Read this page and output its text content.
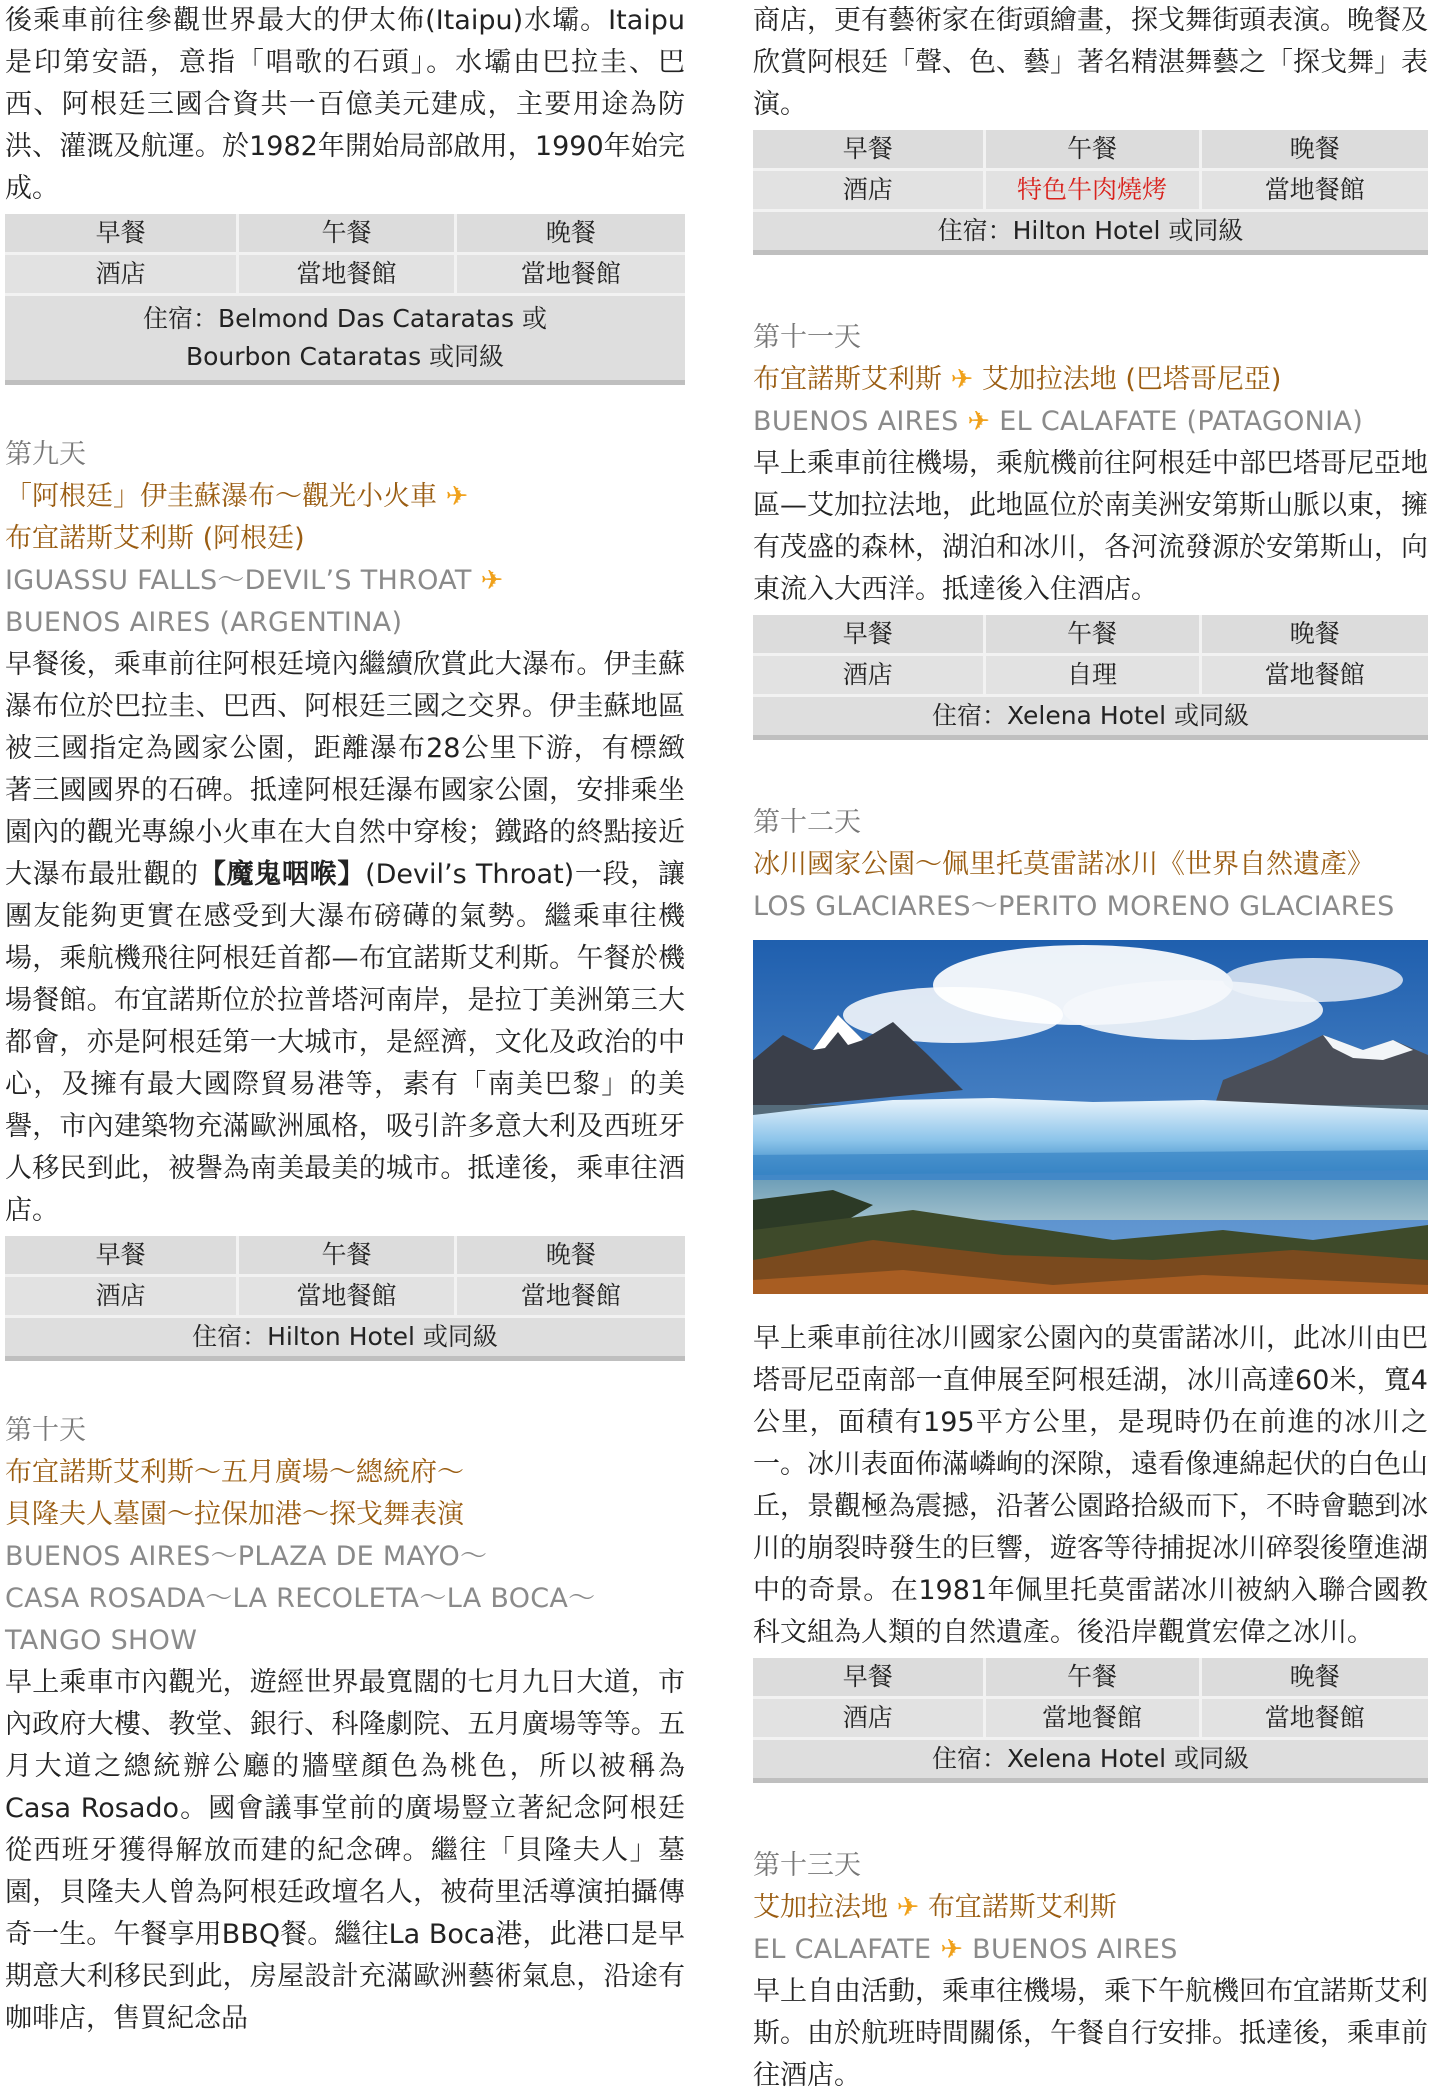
後乘車前往參觀世界最大的伊太佈(Itaipu)水壩。Itaipu是印第安語，意指「唱歌的石頭」。水壩由巴拉圭、巴西、阿根廷三國合資共一百億美元建成，主要用途為防洪、灌溉及航運。於1982年開始局部啟用，1990年始完成。

早餐	午餐	晚餐
酒店	當地餐館	當地餐館

住宿：Belmond Das Cataratas 或
Bourbon Cataratas 或同級		
第九天
「阿根廷」伊圭蘇瀑布～觀光小火車 ✈
布宜諾斯艾利斯 (阿根廷)
IGUASSU FALLS～DEVIL’S THROAT ✈
BUENOS AIRES (ARGENTINA)

早餐後，乘車前往阿根廷境內繼續欣賞此大瀑布。伊圭蘇瀑布位於巴拉圭、巴西、阿根廷三國之交界。伊圭蘇地區被三國指定為國家公園，距離瀑布28公里下游，有標緻著三國國界的石碑。抵達阿根廷瀑布國家公園，安排乘坐園內的觀光專線小火車在大自然中穿梭；鐵路的終點接近大瀑布最壯觀的【魔鬼咽喉】(Devil’s Throat)一段，讓團友能夠更實在感受到大瀑布磅礡的氣勢。繼乘車往機場，乘航機飛往阿根廷首都—布宜諾斯艾利斯。午餐於機場餐館。布宜諾斯位於拉普塔河南岸，是拉丁美洲第三大都會，亦是阿根廷第一大城市，是經濟，文化及政治的中心，及擁有最大國際貿易港等，素有「南美巴黎」的美譽，市內建築物充滿歐洲風格，吸引許多意大利及西班牙人移民到此，被譽為南美最美的城市。抵達後，乘車往酒店。

早餐	午餐	晚餐
酒店	當地餐館	當地餐館
住宿：Hilton Hotel 或同級		
第十天
布宜諾斯艾利斯～五月廣場～總統府～
貝隆夫人墓園～拉保加港～探戈舞表演
BUENOS AIRES～PLAZA DE MAYO～
CASA ROSADA～LA RECOLETA～LA BOCA～
TANGO SHOW

早上乘車市內觀光，遊經世界最寬闊的七月九日大道，市內政府大樓、教堂、銀行、科隆劇院、五月廣場等等。五月大道之總統辦公廳的牆壁顏色為桃色，所以被稱為Casa Rosado。國會議事堂前的廣場豎立著紀念阿根廷從西班牙獲得解放而建的紀念碑。繼往「貝隆夫人」墓園，貝隆夫人曾為阿根廷政壇名人，被荷里活導演拍攝傳奇一生。午餐享用BBQ餐。繼往La Boca港，此港口是早期意大利移民到此，房屋設計充滿歐洲藝術氣息，沿途有咖啡店，售買紀念品

商店，更有藝術家在街頭繪畫，探戈舞街頭表演。晚餐及欣賞阿根廷「聲、色、藝」著名精湛舞藝之「探戈舞」表演。

早餐	午餐	晚餐
酒店	特色牛肉燒烤	當地餐館
住宿：Hilton Hotel 或同級		
第十一天
布宜諾斯艾利斯 ✈ 艾加拉法地 (巴塔哥尼亞)
BUENOS AIRES ✈ EL CALAFATE (PATAGONIA)

早上乘車前往機場，乘航機前往阿根廷中部巴塔哥尼亞地區—艾加拉法地，此地區位於南美洲安第斯山脈以東，擁有茂盛的森林，湖泊和冰川，各河流發源於安第斯山，向東流入大西洋。抵達後入住酒店。

早餐	午餐	晚餐
酒店	自理	當地餐館
住宿：Xelena Hotel 或同級		
第十二天
冰川國家公園～佩里托莫雷諾冰川《世界自然遺產》
LOS GLACIARES～PERITO MORENO GLACIARES

早上乘車前往冰川國家公園內的莫雷諾冰川，此冰川由巴塔哥尼亞南部一直伸展至阿根廷湖，冰川高達60米，寬4公里，面積有195平方公里，是現時仍在前進的冰川之一。冰川表面佈滿嶙峋的深隙，遠看像連綿起伏的白色山丘，景觀極為震撼，沿著公園路拾級而下，不時會聽到冰川的崩裂時發生的巨響，遊客等待捕捉冰川碎裂後墮進湖中的奇景。在1981年佩里托莫雷諾冰川被納入聯合國教科文組為人類的自然遺產。後沿岸觀賞宏偉之冰川。

早餐	午餐	晚餐
酒店	當地餐館	當地餐館
住宿：Xelena Hotel 或同級		
第十三天
艾加拉法地 ✈ 布宜諾斯艾利斯
EL CALAFATE ✈ BUENOS AIRES

早上自由活動，乘車往機場，乘下午航機回布宜諾斯艾利斯。由於航班時間關係，午餐自行安排。抵達後，乘車前往酒店。
